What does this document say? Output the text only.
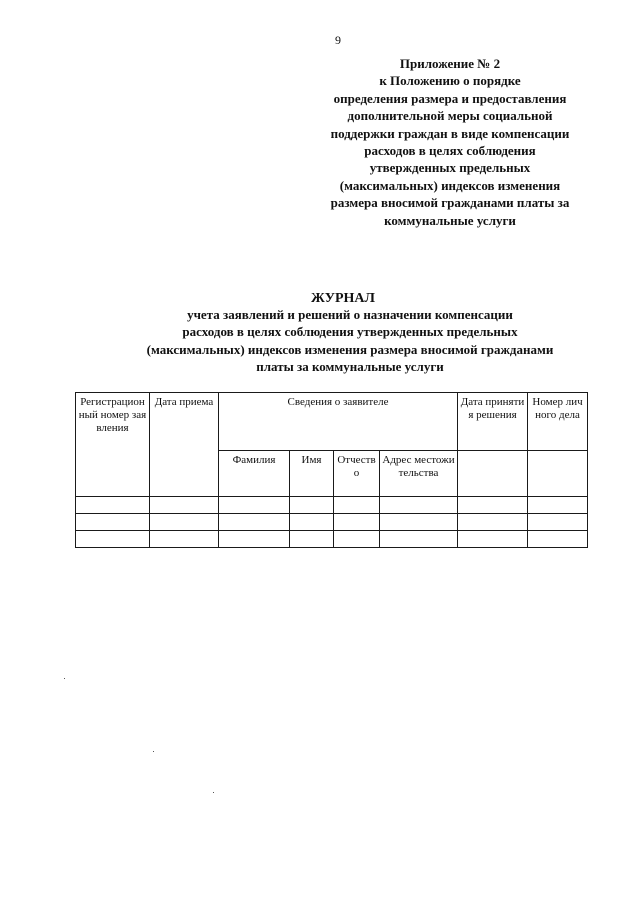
9
Приложение № 2
к Положению о порядке
определения размера и предоставления
дополнительной меры социальной
поддержки граждан в виде компенсации
расходов в целях соблюдения
утвержденных предельных
(максимальных) индексов изменения
размера вносимой гражданами платы за
коммунальные услуги
ЖУРНАЛ
учета заявлений и решений о назначении компенсации
расходов в целях соблюдения утвержденных предельных
(максимальных) индексов изменения размера вносимой гражданами
платы за коммунальные услуги
Регистрационный номер заявления	Дата приема	Сведения о заявителе				Дата принятия решения	Номер личного дела

		Фамилия	Имя	Отчество	Адрес местожительства		
